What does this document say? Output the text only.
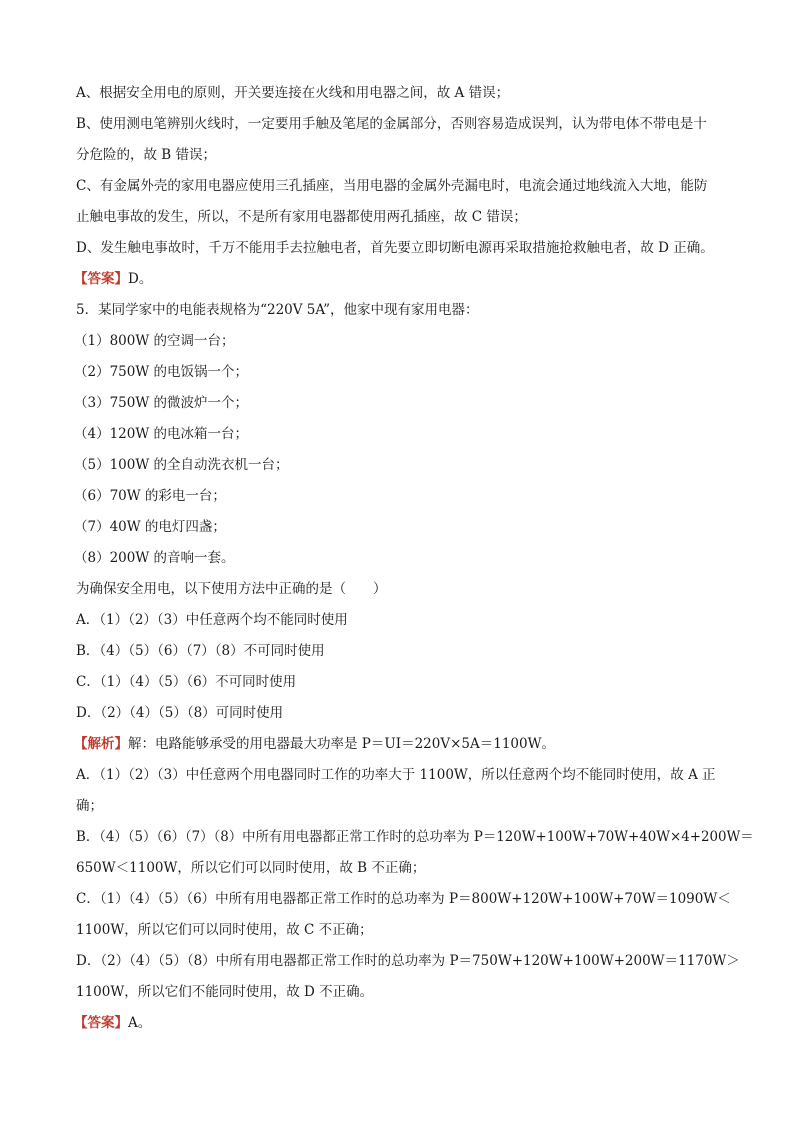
A、根据安全用电的原则，开关要连接在火线和用电器之间，故 A 错误；
B、使用测电笔辨别火线时，一定要用手触及笔尾的金属部分，否则容易造成误判，认为带电体不带电是十
分危险的，故 B 错误；
C、有金属外壳的家用电器应使用三孔插座，当用电器的金属外壳漏电时，电流会通过地线流入大地，能防
止触电事故的发生，所以，不是所有家用电器都使用两孔插座，故 C 错误；
D、发生触电事故时，千万不能用手去拉触电者，首先要立即切断电源再采取措施抢救触电者，故 D 正确。
【答案】D。
5．某同学家中的电能表规格为“220V 5A”，他家中现有家用电器：
（1）800W 的空调一台；
（2）750W 的电饭锅一个；
（3）750W 的微波炉一个；
（4）120W 的电冰箱一台；
（5）100W 的全自动洗衣机一台；
（6）70W 的彩电一台；
（7）40W 的电灯四盏；
（8）200W 的音响一套。
为确保安全用电，以下使用方法中正确的是（　　）
A．（1）（2）（3）中任意两个均不能同时使用
B．（4）（5）（6）（7）（8）不可同时使用
C．（1）（4）（5）（6）不可同时使用
D．（2）（4）（5）（8）可同时使用
【解析】解：电路能够承受的用电器最大功率是 P＝UI＝220V×5A＝1100W。
A．（1）（2）（3）中任意两个用电器同时工作的功率大于 1100W，所以任意两个均不能同时使用，故 A 正
确；
B．（4）（5）（6）（7）（8）中所有用电器都正常工作时的总功率为 P＝120W+100W+70W+40W×4+200W＝
650W＜1100W，所以它们可以同时使用，故 B 不正确；
C．（1）（4）（5）（6）中所有用电器都正常工作时的总功率为 P＝800W+120W+100W+70W＝1090W＜
1100W，所以它们可以同时使用，故 C 不正确；
D．（2）（4）（5）（8）中所有用电器都正常工作时的总功率为 P＝750W+120W+100W+200W＝1170W＞
1100W，所以它们不能同时使用，故 D 不正确。
【答案】A。
